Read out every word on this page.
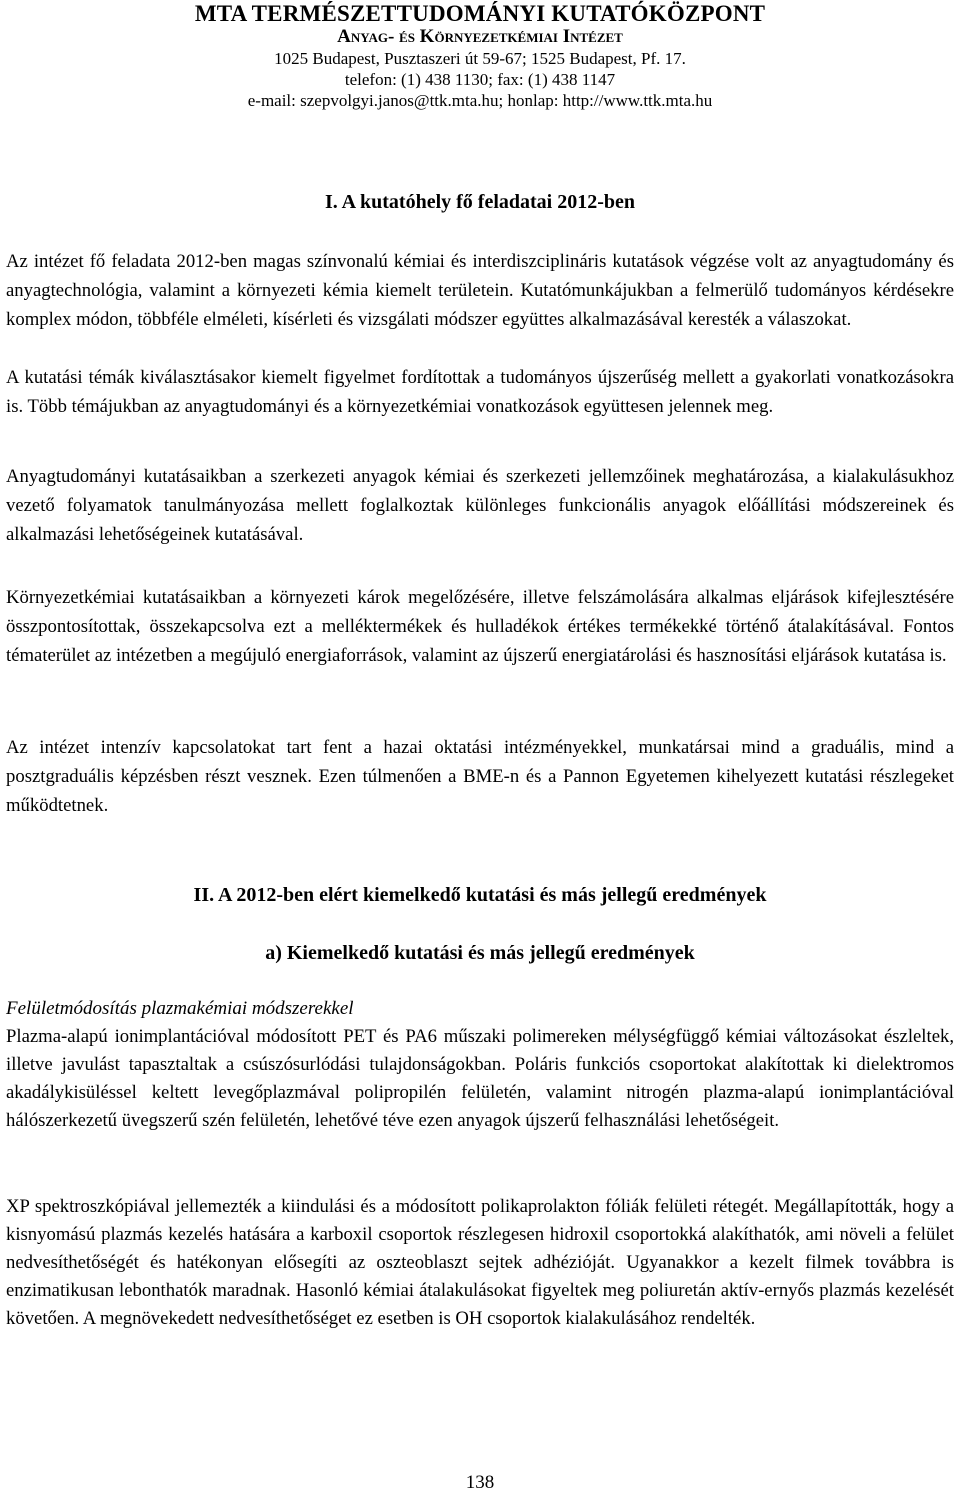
MTA TERMÉSZETTUDOMÁNYI KUTATÓKÖZPONT
Anyag- és Környezetkémiai Intézet
1025 Budapest, Pusztaszeri út 59-67; 1525 Budapest, Pf. 17.
telefon: (1) 438 1130; fax: (1) 438 1147
e-mail: szepvolgyi.janos@ttk.mta.hu; honlap: http://www.ttk.mta.hu
I. A kutatóhely fő feladatai 2012-ben

Az intézet fő feladata 2012-ben magas színvonalú kémiai és interdiszciplináris kutatások végzése volt az anyagtudomány és anyagtechnológia, valamint a környezeti kémia kiemelt területein. Kutatómunkájukban a felmerülő tudományos kérdésekre komplex módon, többféle elméleti, kísérleti és vizsgálati módszer együttes alkalmazásával keresték a válaszokat.

A kutatási témák kiválasztásakor kiemelt figyelmet fordítottak a tudományos újszerűség mellett a gyakorlati vonatkozásokra is. Több témájukban az anyagtudományi és a környezetkémiai vonatkozások együttesen jelennek meg.

Anyagtudományi kutatásaikban a szerkezeti anyagok kémiai és szerkezeti jellemzőinek meghatározása, a kialakulásukhoz vezető folyamatok tanulmányozása mellett foglalkoztak különleges funkcionális anyagok előállítási módszereinek és alkalmazási lehetőségeinek kutatásával.

Környezetkémiai kutatásaikban a környezeti károk megelőzésére, illetve felszámolására alkalmas eljárások kifejlesztésére összpontosítottak, összekapcsolva ezt a melléktermékek és hulladékok értékes termékekké történő átalakításával. Fontos tématerület az intézetben a megújuló energiaforrások, valamint az újszerű energiatárolási és hasznosítási eljárások kutatása is.

Az intézet intenzív kapcsolatokat tart fent a hazai oktatási intézményekkel, munkatársai mind a graduális, mind a posztgraduális képzésben részt vesznek. Ezen túlmenően a BME-n és a Pannon Egyetemen kihelyezett kutatási részlegeket működtetnek.

II. A 2012-ben elért kiemelkedő kutatási és más jellegű eredmények
a) Kiemelkedő kutatási és más jellegű eredmények
Felületmódosítás plazmakémiai módszerekkel

Plazma-alapú ionimplantációval módosított PET és PA6 műszaki polimereken mélységfüggő kémiai változásokat észleltek, illetve javulást tapasztaltak a csúszósurlódási tulajdonságokban. Poláris funkciós csoportokat alakítottak ki dielektromos akadálykisüléssel keltett levegőplazmával polipropilén felületén, valamint nitrogén plazma-alapú ionimplantációval hálószerkezetű üvegszerű szén felületén, lehetővé téve ezen anyagok újszerű felhasználási lehetőségeit.

XP spektroszkópiával jellemezték a kiindulási és a módosított polikaprolakton fóliák felületi rétegét. Megállapították, hogy a kisnyomású plazmás kezelés hatására a karboxil csoportok részlegesen hidroxil csoportokká alakíthatók, ami növeli a felület nedvesíthetőségét és hatékonyan elősegíti az oszteoblaszt sejtek adhézióját. Ugyanakkor a kezelt filmek továbbra is enzimatikusan lebonthatók maradnak. Hasonló kémiai átalakulásokat figyeltek meg poliuretán aktív-ernyős plazmás kezelését követően. A megnövekedett nedvesíthetőséget ez esetben is OH csoportok kialakulásához rendelték.

138
